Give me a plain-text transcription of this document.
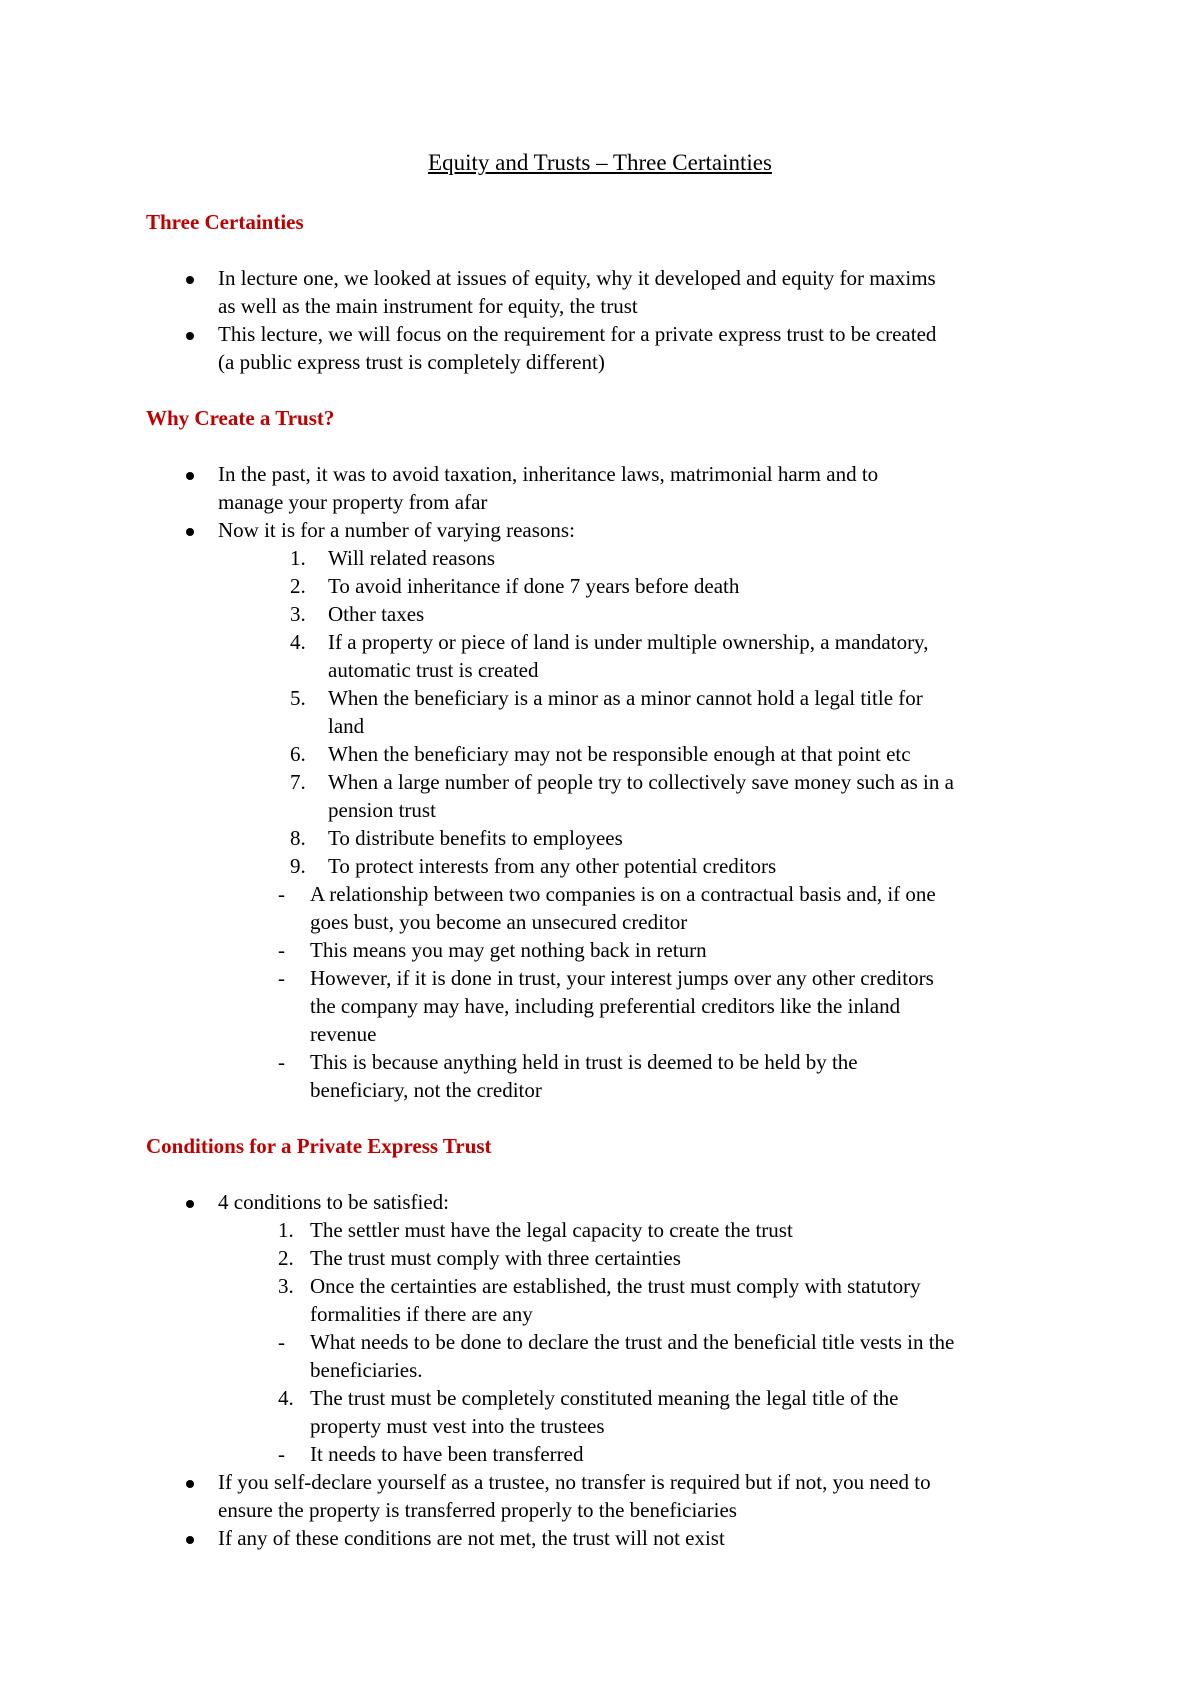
Equity and Trusts – Three Certainties
Three Certainties
In lecture one, we looked at issues of equity, why it developed and equity for maxims
as well as the main instrument for equity, the trust
This lecture, we will focus on the requirement for a private express trust to be created
(a public express trust is completely different)
Why Create a Trust?
In the past, it was to avoid taxation, inheritance laws, matrimonial harm and to
manage your property from afar
Now it is for a number of varying reasons:
1. Will related reasons
2. To avoid inheritance if done 7 years before death
3. Other taxes
4. If a property or piece of land is under multiple ownership, a mandatory,
automatic trust is created
5. When the beneficiary is a minor as a minor cannot hold a legal title for
land
6. When the beneficiary may not be responsible enough at that point etc
7. When a large number of people try to collectively save money such as in a
pension trust
8. To distribute benefits to employees
9. To protect interests from any other potential creditors
- A relationship between two companies is on a contractual basis and, if one
goes bust, you become an unsecured creditor
- This means you may get nothing back in return
- However, if it is done in trust, your interest jumps over any other creditors
the company may have, including preferential creditors like the inland
revenue
- This is because anything held in trust is deemed to be held by the
beneficiary, not the creditor
Conditions for a Private Express Trust
4 conditions to be satisfied:
1. The settler must have the legal capacity to create the trust
2. The trust must comply with three certainties
3. Once the certainties are established, the trust must comply with statutory
formalities if there are any
- What needs to be done to declare the trust and the beneficial title vests in the
beneficiaries.
4. The trust must be completely constituted meaning the legal title of the
property must vest into the trustees
- It needs to have been transferred
If you self-declare yourself as a trustee, no transfer is required but if not, you need to
ensure the property is transferred properly to the beneficiaries
If any of these conditions are not met, the trust will not exist
